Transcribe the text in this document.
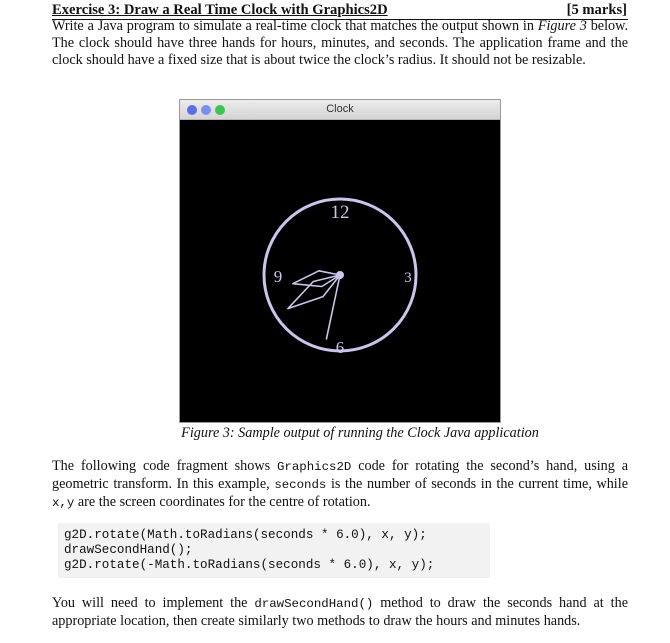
Exercise 3: Draw a Real Time Clock with Graphics2D	[5 marks]

Write a Java program to simulate a real-time clock that matches the output shown in Figure 3 below. The clock should have three hands for hours, minutes, and seconds. The application frame and the clock should have a fixed size that is about twice the clock’s radius. It should not be resizable.

Clock
12
3
6
9
Figure 3: Sample output of running the Clock Java application

The following code fragment shows Graphics2D code for rotating the second’s hand, using a geometric transform. In this example, seconds is the number of seconds in the current time, while x,y are the screen coordinates for the centre of rotation.

g2D.rotate(Math.toRadians(seconds * 6.0), x, y);
drawSecondHand();
g2D.rotate(-Math.toRadians(seconds * 6.0), x, y);

You will need to implement the drawSecondHand() method to draw the seconds hand at the appropriate location, then create similarly two methods to draw the hours and minutes hands.
